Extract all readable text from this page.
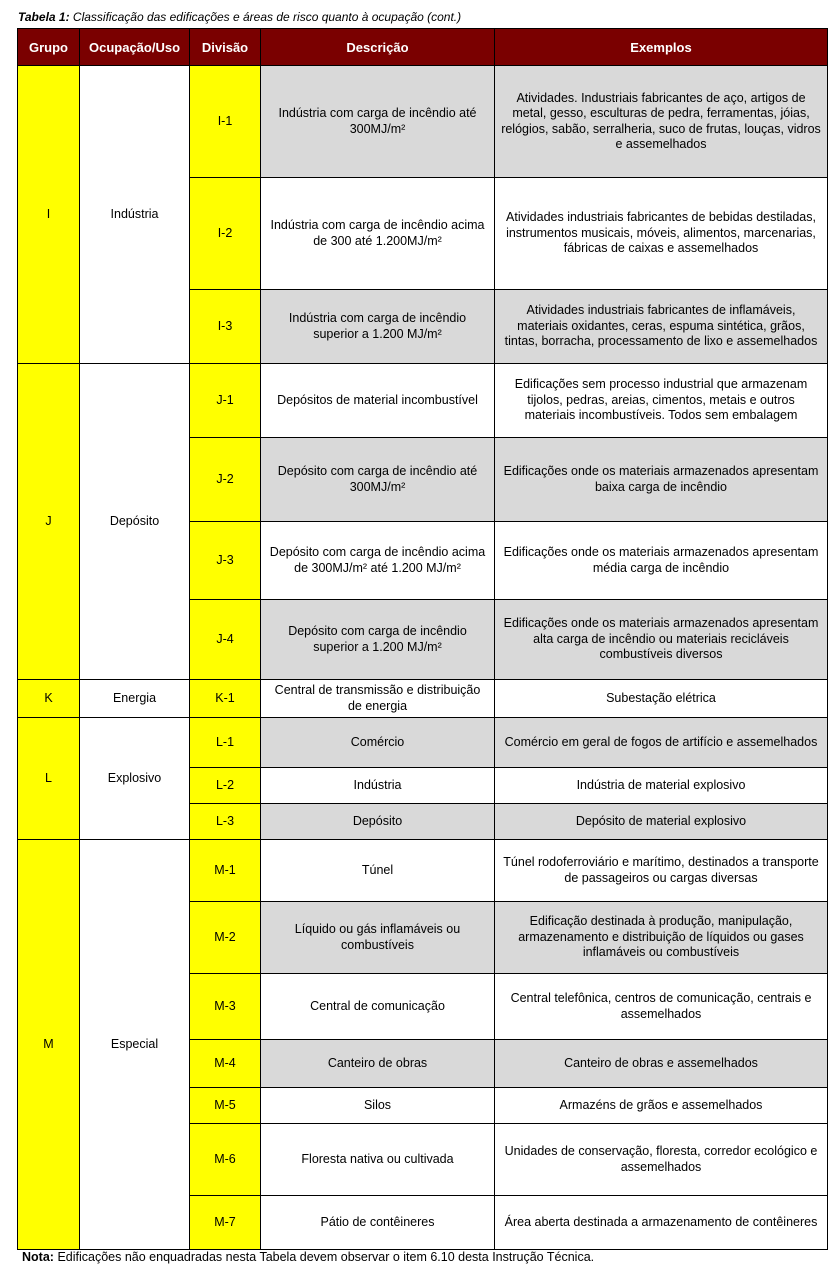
Tabela 1: Classificação das edificações e áreas de risco quanto à ocupação (cont.)
Grupo	Ocupação/Uso	Divisão	Descrição	Exemplos
I	Indústria	I-1	Indústria com carga de incêndio até 300MJ/m²	Atividades. Industriais fabricantes de aço, artigos de metal, gesso, esculturas de pedra, ferramentas, jóias, relógios, sabão, serralheria, suco de frutas, louças, vidros e assemelhados
		I-2	Indústria com carga de incêndio acima de 300 até 1.200MJ/m²	Atividades industriais fabricantes de bebidas destiladas, instrumentos musicais, móveis, alimentos, marcenarias, fábricas de caixas e assemelhados
		I-3	Indústria com carga de incêndio superior a 1.200 MJ/m²	Atividades industriais fabricantes de inflamáveis, materiais oxidantes, ceras, espuma sintética, grãos, tintas, borracha, processamento de lixo e assemelhados
J	Depósito	J-1	Depósitos de material incombustível	Edificações sem processo industrial que armazenam tijolos, pedras, areias, cimentos, metais e outros materiais incombustíveis. Todos sem embalagem
		J-2	Depósito com carga de incêndio até 300MJ/m²	Edificações onde os materiais armazenados apresentam baixa carga de incêndio
		J-3	Depósito com carga de incêndio acima de 300MJ/m² até 1.200 MJ/m²	Edificações onde os materiais armazenados apresentam média carga de incêndio
		J-4	Depósito com carga de incêndio superior a 1.200 MJ/m²	Edificações onde os materiais armazenados apresentam alta carga de incêndio ou materiais recicláveis combustíveis diversos
K	Energia	K-1	Central de transmissão e distribuição de energia	Subestação elétrica
L	Explosivo	L-1	Comércio	Comércio em geral de fogos de artifício e assemelhados
		L-2	Indústria	Indústria de material explosivo
		L-3	Depósito	Depósito de material explosivo
M	Especial	M-1	Túnel	Túnel rodoferroviário e marítimo, destinados a transporte de passageiros ou cargas diversas
		M-2	Líquido ou gás inflamáveis ou combustíveis	Edificação destinada à produção, manipulação, armazenamento e distribuição de líquidos ou gases inflamáveis ou combustíveis
		M-3	Central de comunicação	Central telefônica, centros de comunicação, centrais e assemelhados
		M-4	Canteiro de obras	Canteiro de obras e assemelhados
		M-5	Silos	Armazéns de grãos e assemelhados
		M-6	Floresta nativa ou cultivada	Unidades de conservação, floresta, corredor ecológico e assemelhados
		M-7	Pátio de contêineres	Área aberta destinada a armazenamento de contêineres
Nota: Edificações não enquadradas nesta Tabela devem observar o item 6.10 desta Instrução Técnica.
